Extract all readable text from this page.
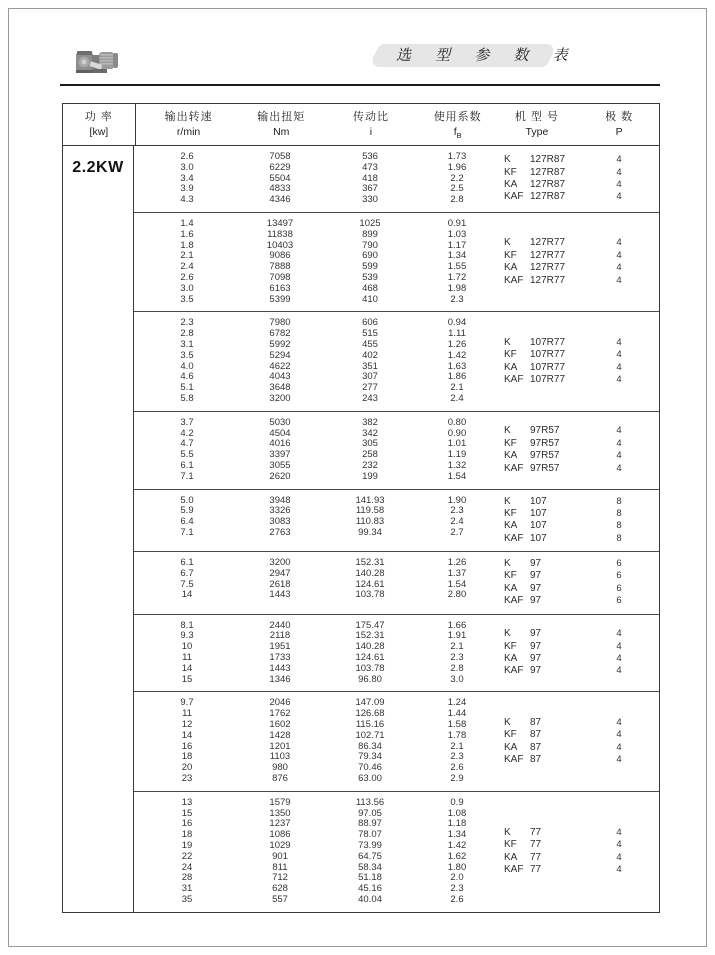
选 型 参 数 表
功 率
[kw]
输出转速
r/min
输出扭矩
Nm
传动比
i
使用系数
$f_B$
机 型 号
Type
极 数
P
2.2KW
2.6
3.0
3.4
3.9
4.3
7058
6229
5504
4833
4346
536
473
418
367
330
1.73
1.96
2.2
2.5
2.8
K 127R87
KF 127R87
KA 127R87
KAF 127R87
4
4
4
4
1.4
1.6
1.8
2.1
2.4
2.6
3.0
3.5
13497
11838
10403
9086
7888
7098
6163
5399
1025
899
790
690
599
539
468
410
0.91
1.03
1.17
1.34
1.55
1.72
1.98
2.3
K 127R77
KF 127R77
KA 127R77
KAF 127R77
4
4
4
4
2.3
2.8
3.1
3.5
4.0
4.6
5.1
5.8
7980
6782
5992
5294
4622
4043
3648
3200
606
515
455
402
351
307
277
243
0.94
1.11
1.26
1.42
1.63
1.86
2.1
2.4
K 107R77
KF 107R77
KA 107R77
KAF 107R77
4
4
4
4
3.7
4.2
4.7
5.5
6.1
7.1
5030
4504
4016
3397
3055
2620
382
342
305
258
232
199
0.80
0.90
1.01
1.19
1.32
1.54
K 97R57
KF 97R57
KA 97R57
KAF 97R57
4
4
4
4
5.0
5.9
6.4
7.1
3948
3326
3083
2763
141.93
119.58
110.83
99.34
1.90
2.3
2.4
2.7
K 107
KF 107
KA 107
KAF 107
8
8
8
8
6.1
6.7
7.5
14
3200
2947
2618
1443
152.31
140.28
124.61
103.78
1.26
1.37
1.54
2.80
K 97
KF 97
KA 97
KAF 97
6
6
6
6
8.1
9.3
10
11
14
15
2440
2118
1951
1733
1443
1346
175.47
152.31
140.28
124.61
103.78
96.80
1.66
1.91
2.1
2.3
2.8
3.0
K 97
KF 97
KA 97
KAF 97
4
4
4
4
9.7
11
12
14
16
18
20
23
2046
1762
1602
1428
1201
1103
980
876
147.09
126.68
115.16
102.71
86.34
79.34
70.46
63.00
1.24
1.44
1.58
1.78
2.1
2.3
2.6
2.9
K 87
KF 87
KA 87
KAF 87
4
4
4
4
13
15
16
18
19
22
24
28
31
35
1579
1350
1237
1086
1029
901
811
712
628
557
113.56
97.05
88.97
78.07
73.99
64.75
58.34
51.18
45.16
40.04
0.9
1.08
1.18
1.34
1.42
1.62
1.80
2.0
2.3
2.6
K 77
KF 77
KA 77
KAF 77
4
4
4
4
